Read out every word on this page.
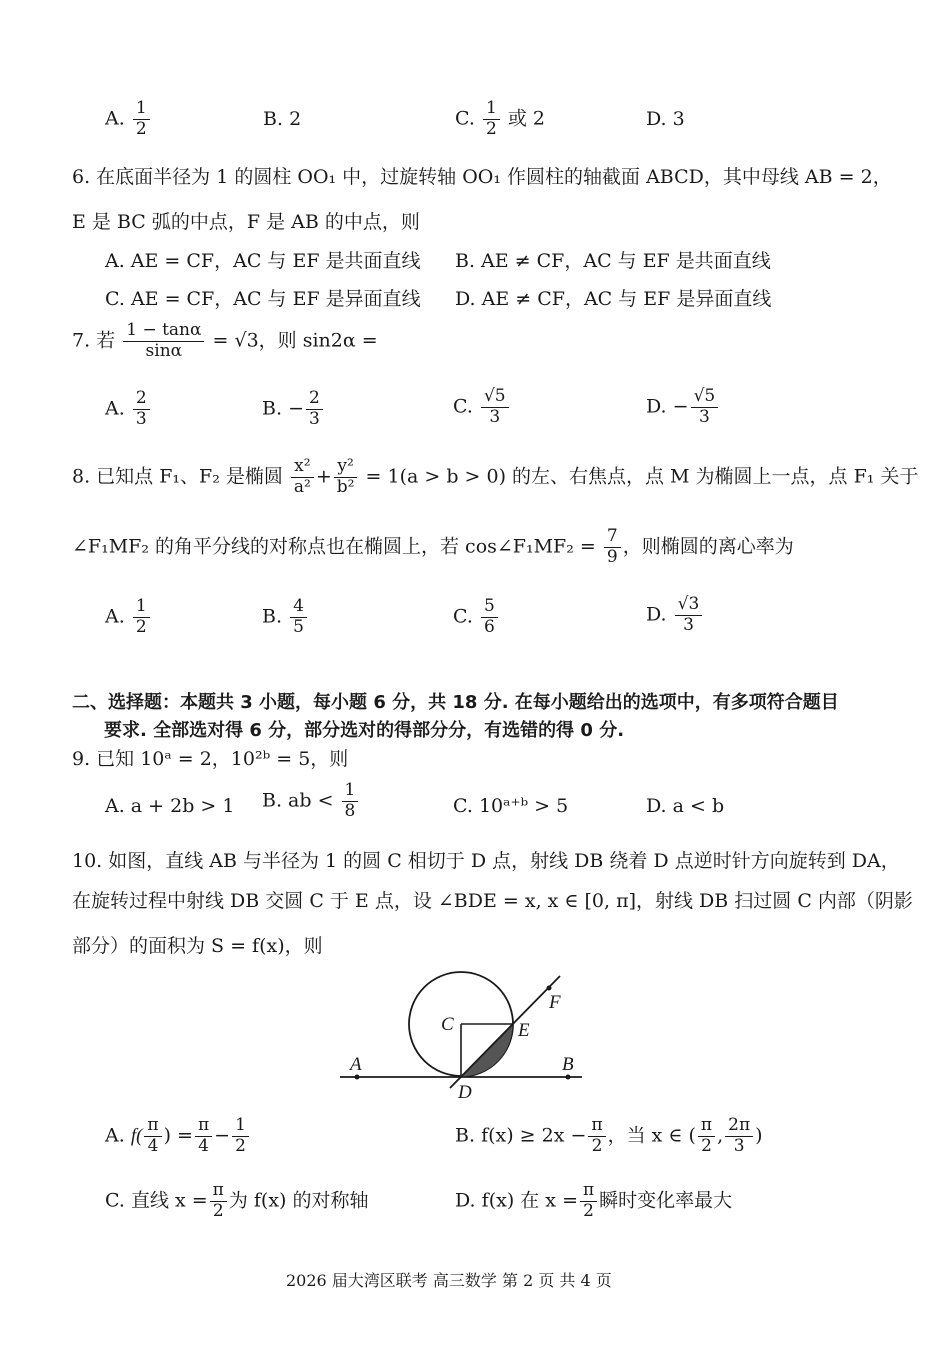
A. $\frac{1}{2}$	B. 2	C. $\frac{1}{2}$ 或 2	D. 3
6. 在底面半径为 1 的圆柱 OO₁ 中，过旋转轴 OO₁ 作圆柱的轴截面 ABCD，其中母线 AB = 2，
E 是 BC 弧的中点，F 是 AB 的中点，则
A. AE = CF，AC 与 EF 是共面直线 B. AE ≠ CF，AC 与 EF 是共面直线
C. AE = CF，AC 与 EF 是异面直线 D. AE ≠ CF，AC 与 EF 是异面直线
7. 若 $\frac{1 - \tan\alpha}{\sin\alpha} = √3$，则 sin2α =
A. $\frac{2}{3}$	B. − $\frac{2}{3}$	C. $\frac{√5}{3}$	D. − $\frac{√5}{3}$
8. 已知点 F₁、F₂ 是椭圆 $\frac{\text{x²}}{\text{a²}} + \frac{\text{y²}}{\text{b²}} = 1(a > b > 0)$ 的左、右焦点，点 M 为椭圆上一点，点 F₁ 关于
∠F₁MF₂ 的角平分线的对称点也在椭圆上，若 cos∠F₁MF₂ = $\frac{7}{9}$ ，则椭圆的离心率为
A. $\frac{1}{2}$	B. $\frac{4}{5}$	C. $\frac{5}{6}$	D. $\frac{√3}{3}$
二、选择题：本题共 3 小题，每小题 6 分，共 18 分. 在每小题给出的选项中，有多项符合题目
要求. 全部选对得 6 分，部分选对的得部分分，有选错的得 0 分.
9. 已知 10ᵃ = 2，10²ᵇ = 5，则
A. a + 2b > 1 B. ab < $\frac{1}{8}$	C. 10ᵃ⁺ᵇ > 5	D. a < b
10. 如图，直线 AB 与半径为 1 的圆 C 相切于 D 点，射线 DB 绕着 D 点逆时针方向旋转到 DA，
在旋转过程中射线 DB 交圆 C 于 E 点，设 ∠BDE = x, x ∈ [0, π]，射线 DB 扫过圆 C 内部（阴影
部分）的面积为 S = f(x)，则
A	B
C
D
E
F
A. $f( \frac{\pi}{4}$ ) = $\frac{\pi}{4} - \frac{1}{2}$	B. $f(x) \ge 2x - \frac{\pi}{2}$ ，当 x ∈ ( $\frac{\pi}{2}$ , $\frac{2\pi}{3}$ )
C. 直线 $x = \frac{\pi}{2}$ 为 f(x) 的对称轴	D. f(x) 在 $x = \frac{\pi}{2}$ 瞬时变化率最大
2026 届大湾区联考 高三数学 第 2 页 共 4 页
